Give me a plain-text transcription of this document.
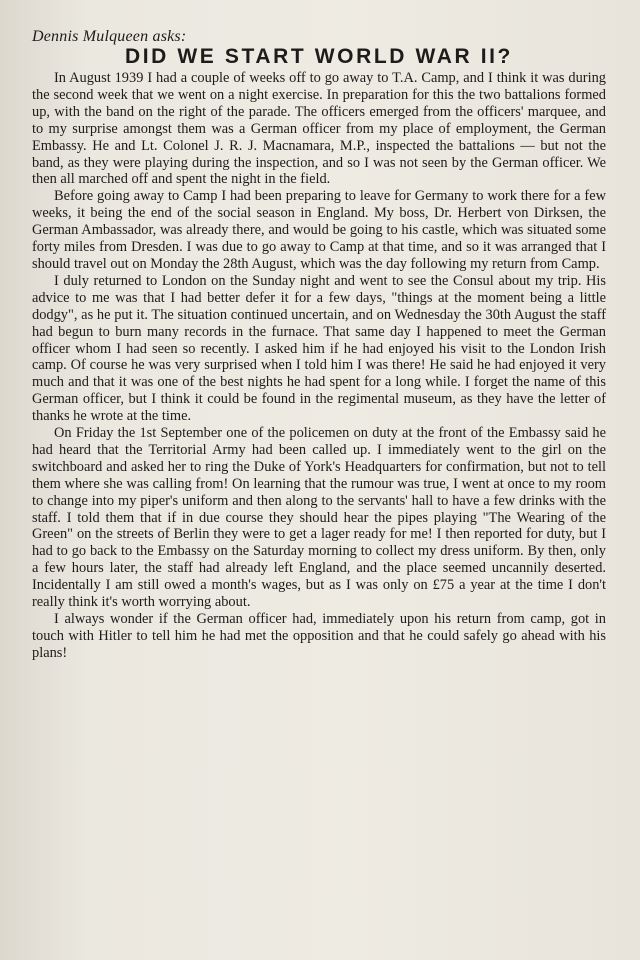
Dennis Mulqueen asks:
DID WE START WORLD WAR II?

In August 1939 I had a couple of weeks off to go away to T.A. Camp, and I think it was during the second week that we went on a night exercise. In preparation for this the two battalions formed up, with the band on the right of the parade. The officers emerged from the officers' marquee, and to my surprise amongst them was a German officer from my place of employment, the German Embassy. He and Lt. Colonel J. R. J. Macnamara, M.P., inspected the battalions — but not the band, as they were playing during the inspection, and so I was not seen by the German officer. We then all marched off and spent the night in the field.

Before going away to Camp I had been preparing to leave for Germany to work there for a few weeks, it being the end of the social season in England. My boss, Dr. Herbert von Dirksen, the German Ambassador, was already there, and would be going to his castle, which was situated some forty miles from Dresden. I was due to go away to Camp at that time, and so it was arranged that I should travel out on Monday the 28th August, which was the day following my return from Camp.

I duly returned to London on the Sunday night and went to see the Consul about my trip. His advice to me was that I had better defer it for a few days, "things at the moment being a little dodgy", as he put it. The situation continued uncertain, and on Wednesday the 30th August the staff had begun to burn many records in the furnace. That same day I happened to meet the German officer whom I had seen so recently. I asked him if he had enjoyed his visit to the London Irish camp. Of course he was very surprised when I told him I was there! He said he had enjoyed it very much and that it was one of the best nights he had spent for a long while. I forget the name of this German officer, but I think it could be found in the regimental museum, as they have the letter of thanks he wrote at the time.

On Friday the 1st September one of the policemen on duty at the front of the Embassy said he had heard that the Territorial Army had been called up. I immediately went to the girl on the switchboard and asked her to ring the Duke of York's Headquarters for confirmation, but not to tell them where she was calling from! On learning that the rumour was true, I went at once to my room to change into my piper's uniform and then along to the servants' hall to have a few drinks with the staff. I told them that if in due course they should hear the pipes playing "The Wearing of the Green" on the streets of Berlin they were to get a lager ready for me! I then reported for duty, but I had to go back to the Embassy on the Saturday morning to collect my dress uniform. By then, only a few hours later, the staff had already left England, and the place seemed uncannily deserted. Incidentally I am still owed a month's wages, but as I was only on £75 a year at the time I don't really think it's worth worrying about.

I always wonder if the German officer had, immediately upon his return from camp, got in touch with Hitler to tell him he had met the opposition and that he could safely go ahead with his plans!
